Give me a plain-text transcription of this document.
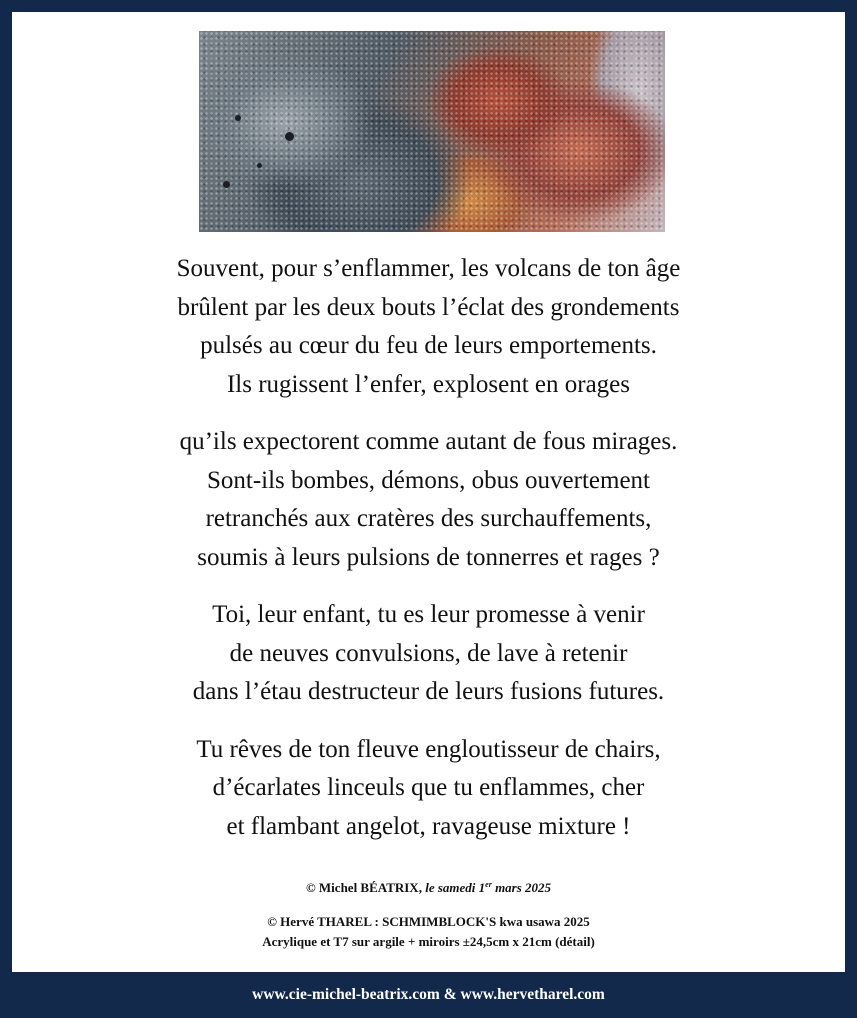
Souvent, pour s’enflammer, les volcans de ton âge
brûlent par les deux bouts l’éclat des grondements
pulsés au cœur du feu de leurs emportements.
Ils rugissent l’enfer, explosent en orages
qu’ils expectorent comme autant de fous mirages.
Sont-ils bombes, démons, obus ouvertement
retranchés aux cratères des surchauffements,
soumis à leurs pulsions de tonnerres et rages ?
Toi, leur enfant, tu es leur promesse à venir
de neuves convulsions, de lave à retenir
dans l’étau destructeur de leurs fusions futures.
Tu rêves de ton fleuve engloutisseur de chairs,
d’écarlates linceuls que tu enflammes, cher
et flambant angelot, ravageuse mixture !
© Michel BÉATRIX, le samedi 1er mars 2025
© Hervé THAREL : SCHMIMBLOCK'S kwa usawa 2025
Acrylique et T7 sur argile + miroirs ±24,5cm x 21cm (détail)
www.cie-michel-beatrix.com & www.hervetharel.com
